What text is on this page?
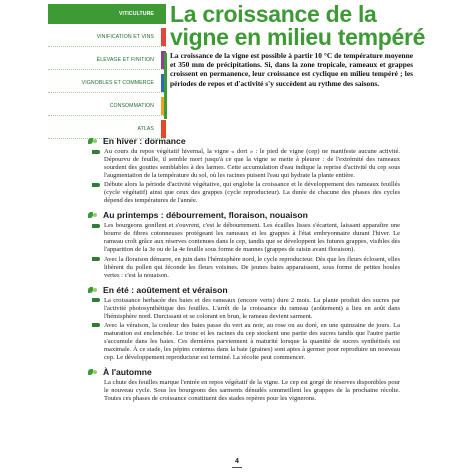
VITICULTURE
VINIFICATION ET VINS
ÉLEVAGE ET FINITION
VIGNOBLES ET COMMERCE
CONSOMMATION
ATLAS
La croissance de la
vigne en milieu tempéré
La croissance de la vigne est possible à partir 10 °C de température moyenne et 350 mm de précipitations. Si, dans la zone tropicale, rameaux et grappes croissent en permanence, leur croissance est cyclique en milieu tempéré ; les périodes de repos et d'activité s'y succèdent au rythme des saisons.
En hiver : dormance

Au cours du repos végétatif hivernal, la vigne « dort » : le pied de vigne (cep) ne manifeste aucune activité. Dépourvu de feuille, il semble mort jusqu'à ce que la vigne se mette à pleurer : de l'extrémité des rameaux sourdent des gouttes semblables à des larmes. Cette accumulation d'eau indique la reprise d'activité du cep sous l'augmentation de la température du sol, où les racines puisent l'eau qui hydrate la plante entière.

Débute alors la période d'activité végétative, qui englobe la croissance et le développement des rameaux feuillés (cycle végétatif) ainsi que ceux des grappes (cycle reproducteur). La durée de chacune des phases des cycles dépend des températures de l'année.

Au printemps : débourrement, floraison, nouaison

Les bourgeons gonflent et s'ouvrent, c'est le débourrement. Les écailles lisses s'écartent, laissant apparaître une bourre de fibres cotonneuses protégeant les rameaux et les grappes à l'état embryonnaire durant l'hiver. Le rameau croît grâce aux réserves contenues dans le cep, tandis que se développent les futures grappes, visibles dès l'apparition de la 3e ou de la 4e feuille sous forme de mannes (grappes de raisin avant floraison).

Avec la floraison démarre, en juin dans l'hémisphère nord, le cycle reproducteur. Dès que les fleurs éclosent, elles libèrent du pollen qui féconde les fleurs voisines. De jeunes baies apparaissent, sous forme de petites boules vertes : c'est la nouaison.

En été : aoûtement et véraison

La croissance herbacée des baies et des rameaux (encore verts) dure 2 mois. La plante produit des sucres par l'activité photosynthétique des feuilles. L'arrêt de la croissance du rameau (aoûtement) a lieu en août dans l'hémisphère nord. Durcissant et se colorant en brun, le rameau devient sarment.

Avec la véraison, la couleur des baies passe du vert au noir, au rose ou au doré, en une quinzaine de jours. La maturation est enclenchée. Le tronc et les racines du cep stockent une partie des sucres tandis que l'autre partie s'accumule dans les baies. Ces dernières parviennent à maturité lorsque la quantité de sucres synthétisés est maximale. À ce stade, les pépins contenus dans la baie (graines) sont aptes à germer pour reproduire un nouveau cep. Le développement reproducteur est terminé. La récolte peut commencer.

À l'automne

La chute des feuilles marque l'entrée en repos végétatif de la vigne. Le cep est gorgé de réserves disponibles pour le nouveau cycle. Sous les bourgeons des sarments dénudés sommeillent les grappes de la prochaine récolte. Toutes ces phases de croissance constituent des stades repères pour les vignerons.

4
